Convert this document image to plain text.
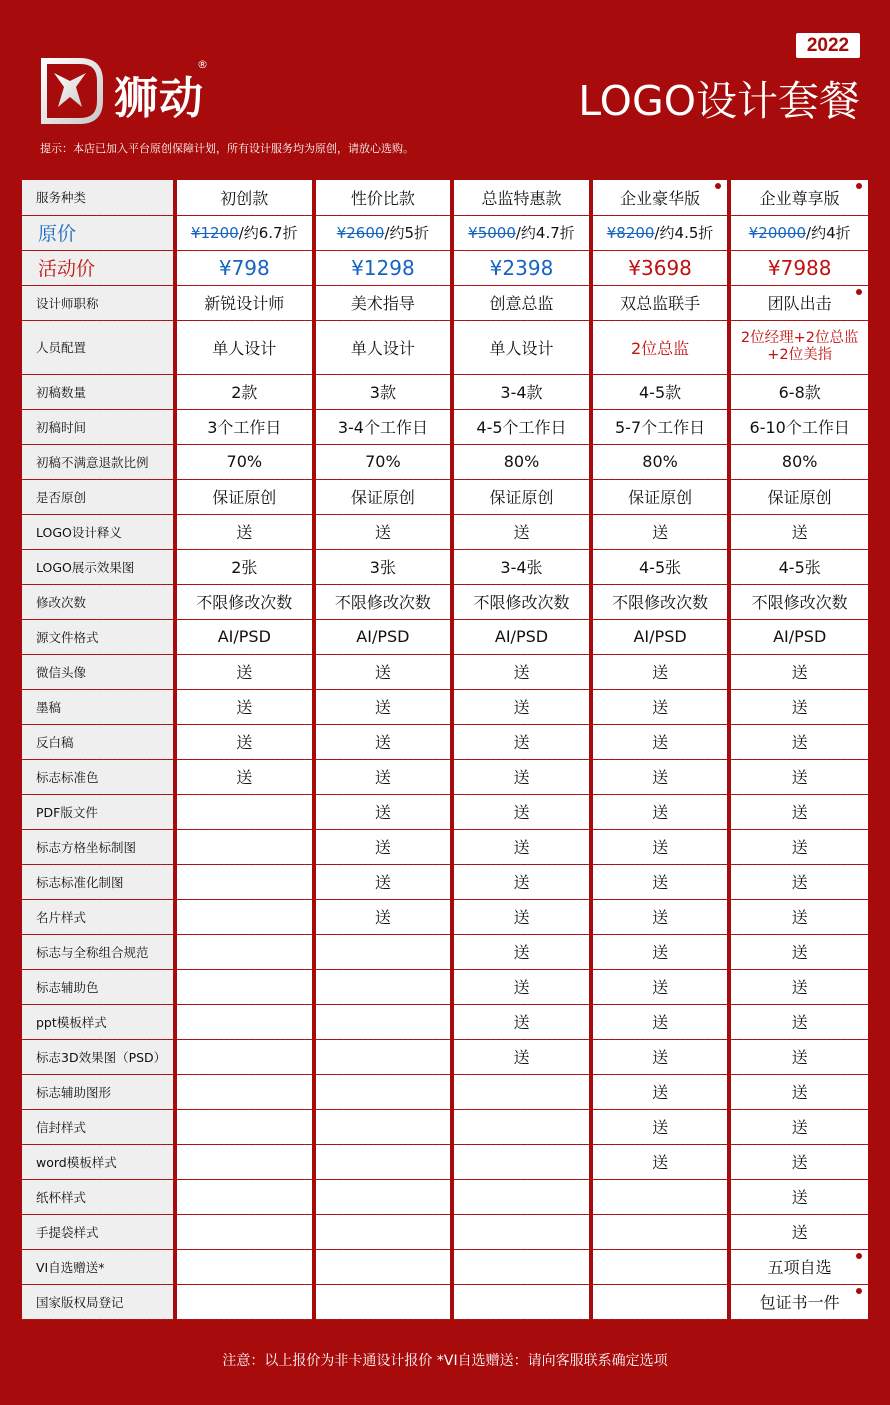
狮动
®
2022
LOGO设计套餐
提示：本店已加入平台原创保障计划，所有设计服务均为原创，请放心选购。
服务种类	初创款	性价比款	总监特惠款	企业豪华版	企业尊享版

原价	¥1200/约6.7折	¥2600/约5折	¥5000/约4.7折	¥8200/约4.5折	¥20000/约4折
活动价	¥798	¥1298	¥2398	¥3698	¥7988
设计师职称	新锐设计师	美术指导	创意总监	双总监联手	团队出击

人员配置	单人设计	单人设计	单人设计	2位总监	2位经理+2位总监+2位美指

初稿数量	2款	3款	3-4款	4-5款	6-8款
初稿时间	3个工作日	3-4个工作日	4-5个工作日	5-7个工作日	6-10个工作日
初稿不满意退款比例	70%	70%	80%	80%	80%
是否原创	保证原创	保证原创	保证原创	保证原创	保证原创
LOGO设计释义	送	送	送	送	送
LOGO展示效果图	2张	3张	3-4张	4-5张	4-5张
修改次数	不限修改次数	不限修改次数	不限修改次数	不限修改次数	不限修改次数
源文件格式	AI/PSD	AI/PSD	AI/PSD	AI/PSD	AI/PSD
微信头像	送	送	送	送	送
墨稿	送	送	送	送	送
反白稿	送	送	送	送	送
标志标准色	送	送	送	送	送
PDF版文件		送	送	送	送
标志方格坐标制图		送	送	送	送
标志标准化制图		送	送	送	送
名片样式		送	送	送	送
标志与全称组合规范			送	送	送
标志辅助色			送	送	送
ppt模板样式			送	送	送
标志3D效果图（PSD）			送	送	送
标志辅助图形				送	送
信封样式				送	送
word模板样式				送	送
纸杯样式					送
手提袋样式					送
VI自选赠送*					五项自选

国家版权局登记					包证书一件
注意：以上报价为非卡通设计报价 *VI自选赠送：请向客服联系确定选项
